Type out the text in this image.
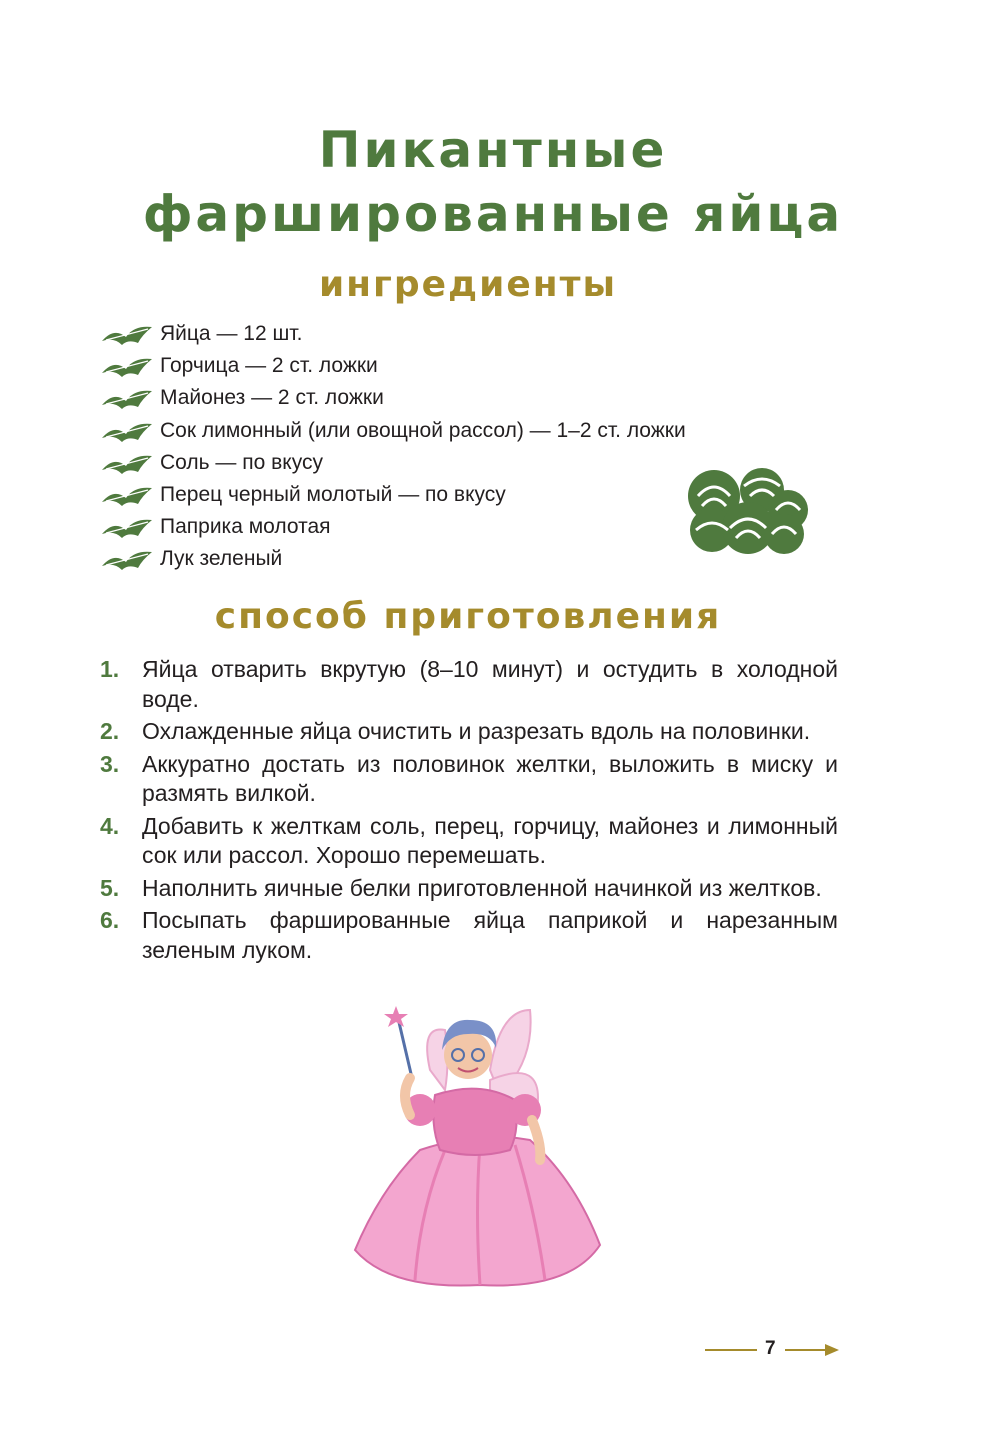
Пикантные
фаршированные яйца
ингредиенты
Яйца — 12 шт.
Горчица — 2 ст. ложки
Майонез — 2 ст. ложки
Сок лимонный (или овощной рассол) — 1–2 ст. ложки
Соль — по вкусу
Перец черный молотый — по вкусу
Паприка молотая
Лук зеленый
способ приготовления
1. Яйца отварить вкрутую (8–10 минут) и остудить в холодной воде.
2. Охлажденные яйца очистить и разрезать вдоль на половинки.
3. Аккуратно достать из половинок желтки, выложить в миску и размять вилкой.
4. Добавить к желткам соль, перец, горчицу, майонез и лимонный сок или рассол. Хорошо перемешать.
5. Наполнить яичные белки приготовленной начинкой из желтков.
6. Посыпать фаршированные яйца паприкой и нарезанным зеленым луком.
7
